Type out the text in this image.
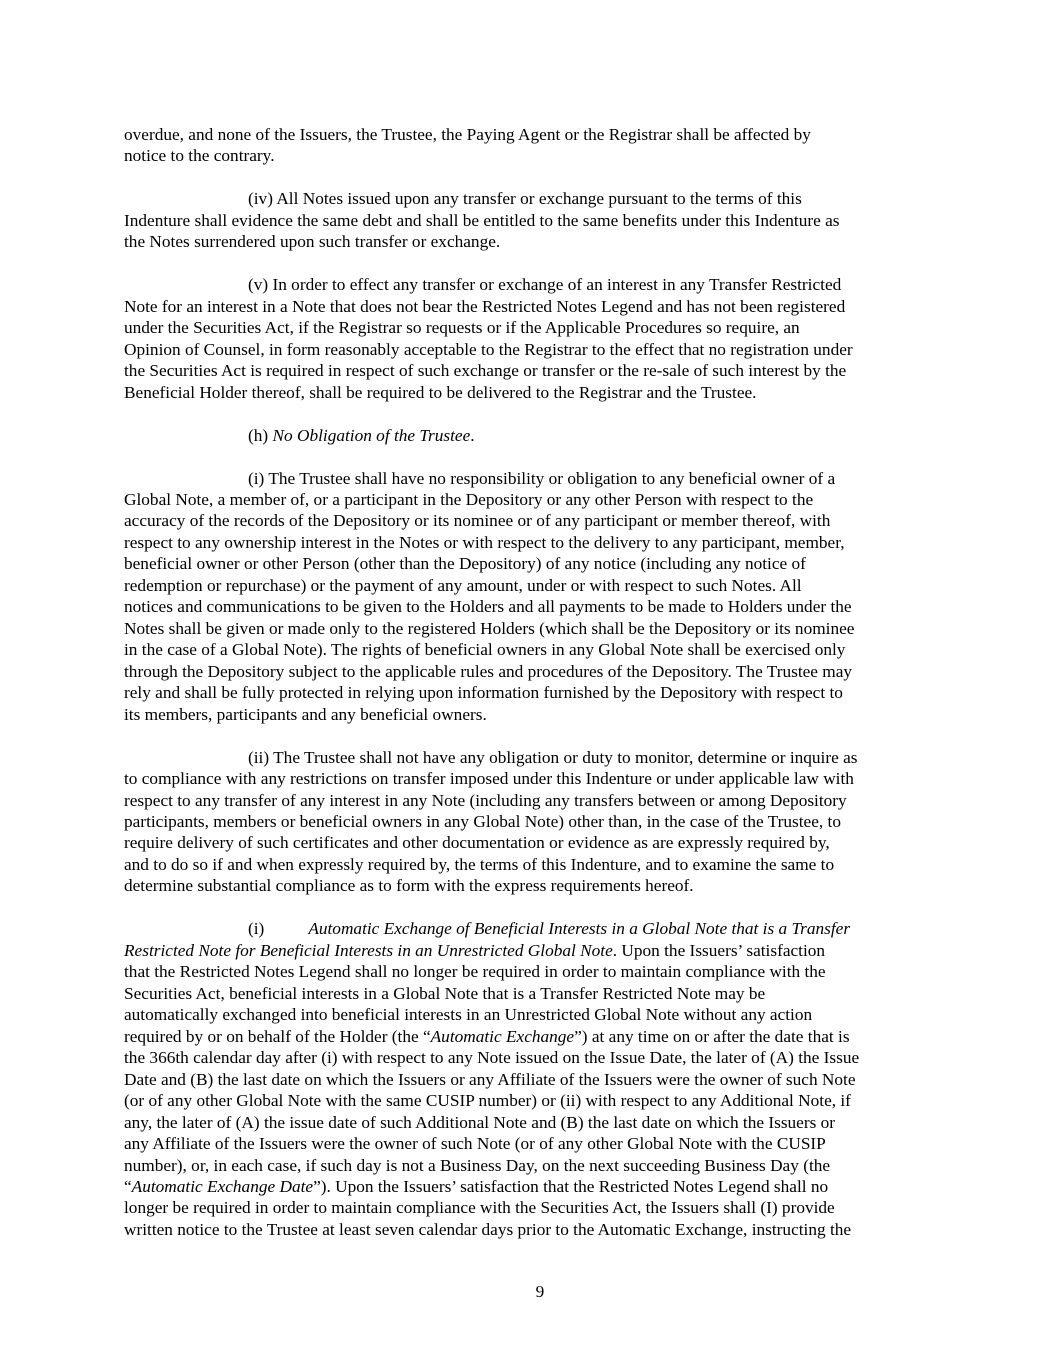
overdue, and none of the Issuers, the Trustee, the Paying Agent or the Registrar shall be affected by
notice to the contrary.
(iv) All Notes issued upon any transfer or exchange pursuant to the terms of this
Indenture shall evidence the same debt and shall be entitled to the same benefits under this Indenture as
the Notes surrendered upon such transfer or exchange.
(v) In order to effect any transfer or exchange of an interest in any Transfer Restricted
Note for an interest in a Note that does not bear the Restricted Notes Legend and has not been registered
under the Securities Act, if the Registrar so requests or if the Applicable Procedures so require, an
Opinion of Counsel, in form reasonably acceptable to the Registrar to the effect that no registration under
the Securities Act is required in respect of such exchange or transfer or the re-sale of such interest by the
Beneficial Holder thereof, shall be required to be delivered to the Registrar and the Trustee.
(h) No Obligation of the Trustee.
(i) The Trustee shall have no responsibility or obligation to any beneficial owner of a
Global Note, a member of, or a participant in the Depository or any other Person with respect to the
accuracy of the records of the Depository or its nominee or of any participant or member thereof, with
respect to any ownership interest in the Notes or with respect to the delivery to any participant, member,
beneficial owner or other Person (other than the Depository) of any notice (including any notice of
redemption or repurchase) or the payment of any amount, under or with respect to such Notes. All
notices and communications to be given to the Holders and all payments to be made to Holders under the
Notes shall be given or made only to the registered Holders (which shall be the Depository or its nominee
in the case of a Global Note). The rights of beneficial owners in any Global Note shall be exercised only
through the Depository subject to the applicable rules and procedures of the Depository. The Trustee may
rely and shall be fully protected in relying upon information furnished by the Depository with respect to
its members, participants and any beneficial owners.
(ii) The Trustee shall not have any obligation or duty to monitor, determine or inquire as
to compliance with any restrictions on transfer imposed under this Indenture or under applicable law with
respect to any transfer of any interest in any Note (including any transfers between or among Depository
participants, members or beneficial owners in any Global Note) other than, in the case of the Trustee, to
require delivery of such certificates and other documentation or evidence as are expressly required by,
and to do so if and when expressly required by, the terms of this Indenture, and to examine the same to
determine substantial compliance as to form with the express requirements hereof.
(i)	Automatic Exchange of Beneficial Interests in a Global Note that is a Transfer
Restricted Note for Beneficial Interests in an Unrestricted Global Note. Upon the Issuers’ satisfaction
that the Restricted Notes Legend shall no longer be required in order to maintain compliance with the
Securities Act, beneficial interests in a Global Note that is a Transfer Restricted Note may be
automatically exchanged into beneficial interests in an Unrestricted Global Note without any action
required by or on behalf of the Holder (the “Automatic Exchange”) at any time on or after the date that is
the 366th calendar day after (i) with respect to any Note issued on the Issue Date, the later of (A) the Issue
Date and (B) the last date on which the Issuers or any Affiliate of the Issuers were the owner of such Note
(or of any other Global Note with the same CUSIP number) or (ii) with respect to any Additional Note, if
any, the later of (A) the issue date of such Additional Note and (B) the last date on which the Issuers or
any Affiliate of the Issuers were the owner of such Note (or of any other Global Note with the CUSIP
number), or, in each case, if such day is not a Business Day, on the next succeeding Business Day (the
“Automatic Exchange Date”). Upon the Issuers’ satisfaction that the Restricted Notes Legend shall no
longer be required in order to maintain compliance with the Securities Act, the Issuers shall (I) provide
written notice to the Trustee at least seven calendar days prior to the Automatic Exchange, instructing the
9
